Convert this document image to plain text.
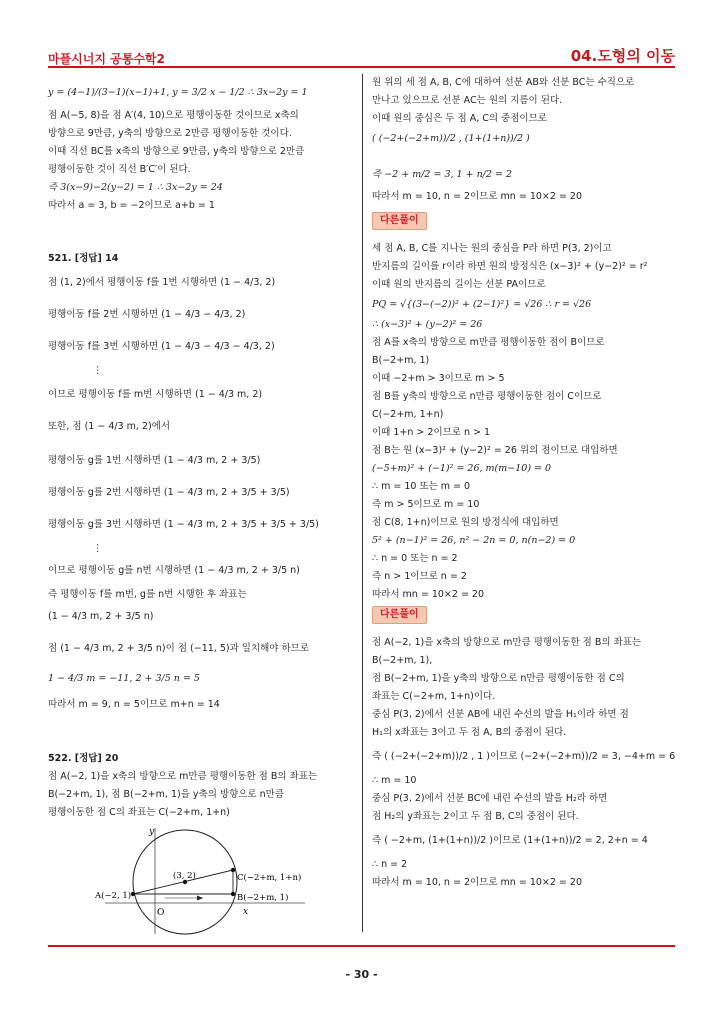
마플시너지 공통수학2	04.도형의 이동
y = (4−1)/(3−1)(x−1)+1, y = 3/2 x − 1/2 ∴ 3x−2y = 1
점 A(−5, 8)을 점 A′(4, 10)으로 평행이동한 것이므로 x축의
방향으로 9만큼, y축의 방향으로 2만큼 평행이동한 것이다.
이때 직선 BC를 x축의 방향으로 9만큼, y축의 방향으로 2만큼
평행이동한 것이 직선 B′C′이 된다.
즉 3(x−9)−2(y−2) = 1 ∴ 3x−2y = 24
따라서 a = 3, b = −2이므로 a+b = 1
521. [정답] 14
점 (1, 2)에서 평행이동 f를 1번 시행하면 (1 − 4/3, 2)
평행이동 f를 2번 시행하면 (1 − 4/3 − 4/3, 2)
평행이동 f를 3번 시행하면 (1 − 4/3 − 4/3 − 4/3, 2)
⋮
이므로 평행이동 f를 m번 시행하면 (1 − 4/3 m, 2)
또한, 점 (1 − 4/3 m, 2)에서
평행이동 g를 1번 시행하면 (1 − 4/3 m, 2 + 3/5)
평행이동 g를 2번 시행하면 (1 − 4/3 m, 2 + 3/5 + 3/5)
평행이동 g를 3번 시행하면 (1 − 4/3 m, 2 + 3/5 + 3/5 + 3/5)
⋮
이므로 평행이동 g를 n번 시행하면 (1 − 4/3 m, 2 + 3/5 n)
즉 평행이동 f를 m번, g를 n번 시행한 후 좌표는
(1 − 4/3 m, 2 + 3/5 n)
점 (1 − 4/3 m, 2 + 3/5 n)이 점 (−11, 5)과 일치해야 하므로
1 − 4/3 m = −11, 2 + 3/5 n = 5
따라서 m = 9, n = 5이므로 m+n = 14
522. [정답] 20
점 A(−2, 1)을 x축의 방향으로 m만큼 평행이동한 점 B의 좌표는
B(−2+m, 1), 점 B(−2+m, 1)을 y축의 방향으로 n만큼
평행이동한 점 C의 좌표는 C(−2+m, 1+n)
원 위의 세 점 A, B, C에 대하여 선분 AB와 선분 BC는 수직으로
만나고 있으므로 선분 AC는 원의 지름이 된다.
이때 원의 중심은 두 점 A, C의 중점이므로
( (−2+(−2+m))/2 , (1+(1+n))/2 )
즉 −2 + m/2 = 3, 1 + n/2 = 2
따라서 m = 10, n = 2이므로 mn = 10×2 = 20
다른풀이
세 점 A, B, C를 지나는 원의 중심을 P라 하면 P(3, 2)이고
반지름의 길이를 r이라 하면 원의 방정식은 (x−3)² + (y−2)² = r²
이때 원의 반지름의 길이는 선분 PA이므로
PQ = √{(3−(−2))² + (2−1)²} = √26 ∴ r = √26
∴ (x−3)² + (y−2)² = 26
점 A를 x축의 방향으로 m만큼 평행이동한 점이 B이므로
B(−2+m, 1)
이때 −2+m > 3이므로 m > 5
점 B를 y축의 방향으로 n만큼 평행이동한 점이 C이므로
C(−2+m, 1+n)
이때 1+n > 2이므로 n > 1
점 B는 원 (x−3)² + (y−2)² = 26 위의 점이므로 대입하면
(−5+m)² + (−1)² = 26, m(m−10) = 0
∴ m = 10 또는 m = 0
즉 m > 5이므로 m = 10
점 C(8, 1+n)이므로 원의 방정식에 대입하면
5² + (n−1)² = 26, n² − 2n = 0, n(n−2) = 0
∴ n = 0 또는 n = 2
즉 n > 1이므로 n = 2
따라서 mn = 10×2 = 20
다른풀이
점 A(−2, 1)을 x축의 방향으로 m만큼 평행이동한 점 B의 좌표는
B(−2+m, 1),
점 B(−2+m, 1)을 y축의 방향으로 n만큼 평행이동한 점 C의
좌표는 C(−2+m, 1+n)이다.
중심 P(3, 2)에서 선분 AB에 내린 수선의 발을 H₁이라 하면 점
H₁의 x좌표는 3이고 두 점 A, B의 중점이 된다.
즉 ( (−2+(−2+m))/2 , 1 )이므로 (−2+(−2+m))/2 = 3, −4+m = 6
∴ m = 10
중심 P(3, 2)에서 선분 BC에 내린 수선의 발을 H₂라 하면
점 H₂의 y좌표는 2이고 두 점 B, C의 중점이 된다.
즉 ( −2+m, (1+(1+n))/2 )이므로 (1+(1+n))/2 = 2, 2+n = 4
∴ n = 2
따라서 m = 10, n = 2이므로 mn = 10×2 = 20
y
x
O
A(−2, 1)
(3, 2)	C(−2+m, 1+n)
B(−2+m, 1)
- 30 -
